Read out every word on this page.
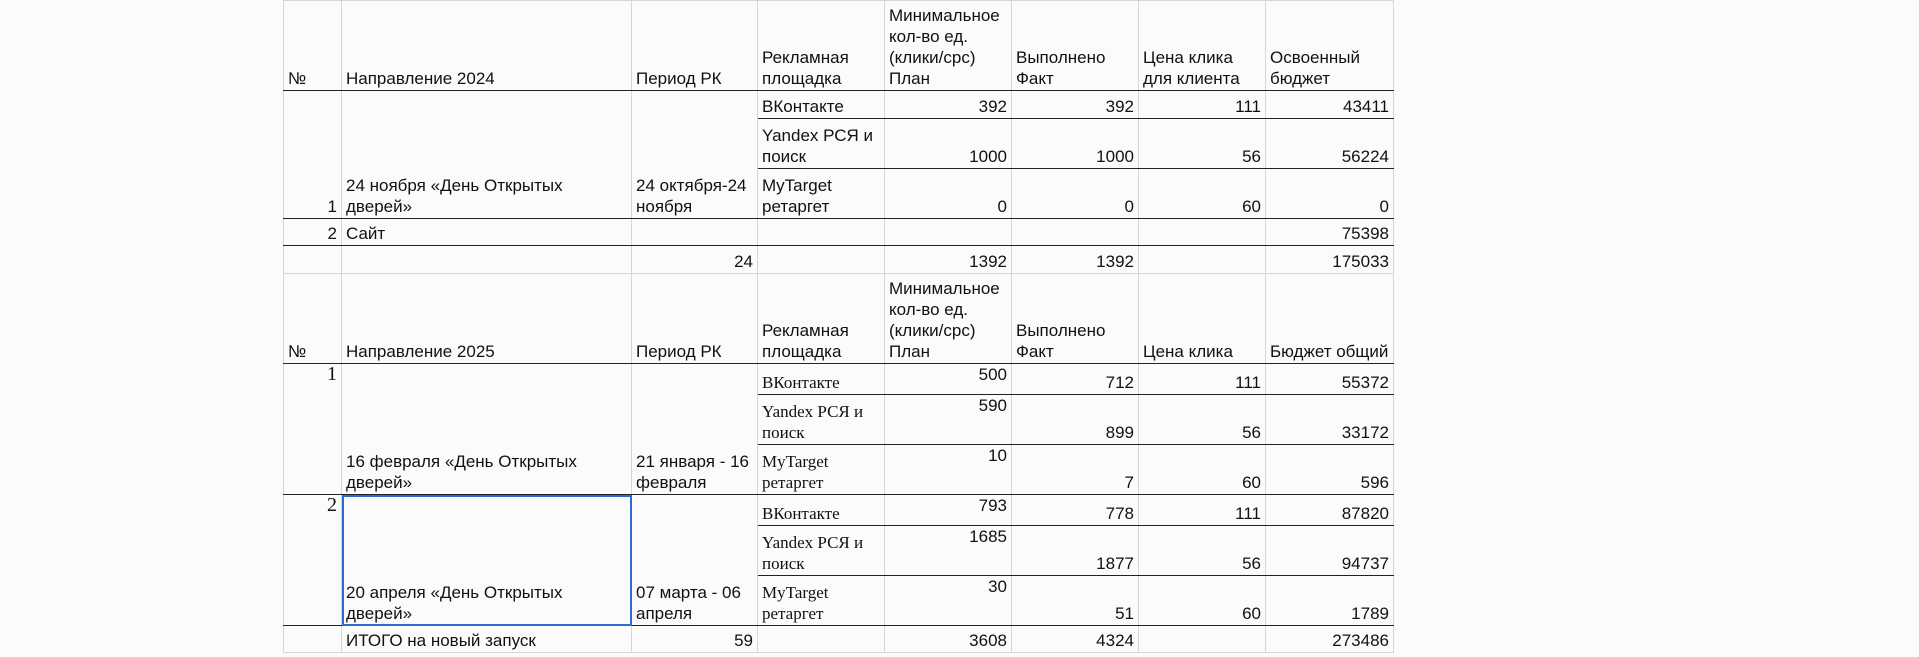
№	Направление 2024	Период РК	Рекламная площадка	Минимальное кол-во ед. (клики/срс) План	Выполнено Факт	Цена клика для клиента	Освоенный бюджет
1	24 ноября «День Открытых дверей»	24 октября-24 ноября	ВКонтакте	392	392	111	43411
			Yandex РСЯ и поиск	1000	1000	56	56224
			MyTarget ретаргет	0	0	60	0
2	Сайт						75398
		24		1392	1392		175033
№	Направление 2025	Период РК	Рекламная площадка	Минимальное кол-во ед. (клики/срс) План	Выполнено Факт	Цена клика	Бюджет общий
1	16 февраля «День Открытых дверей»	21 января - 16 февраля	ВКонтакте	500	712	111	55372
			Yandex РСЯ и поиск	590	899	56	33172
			MyTarget ретаргет	10	7	60	596
2	20 апреля «День Открытых дверей»	07 марта - 06 апреля	ВКонтакте	793	778	111	87820
			Yandex РСЯ и поиск	1685	1877	56	94737
			MyTarget ретаргет	30	51	60	1789
	ИТОГО на новый запуск	59		3608	4324		273486
